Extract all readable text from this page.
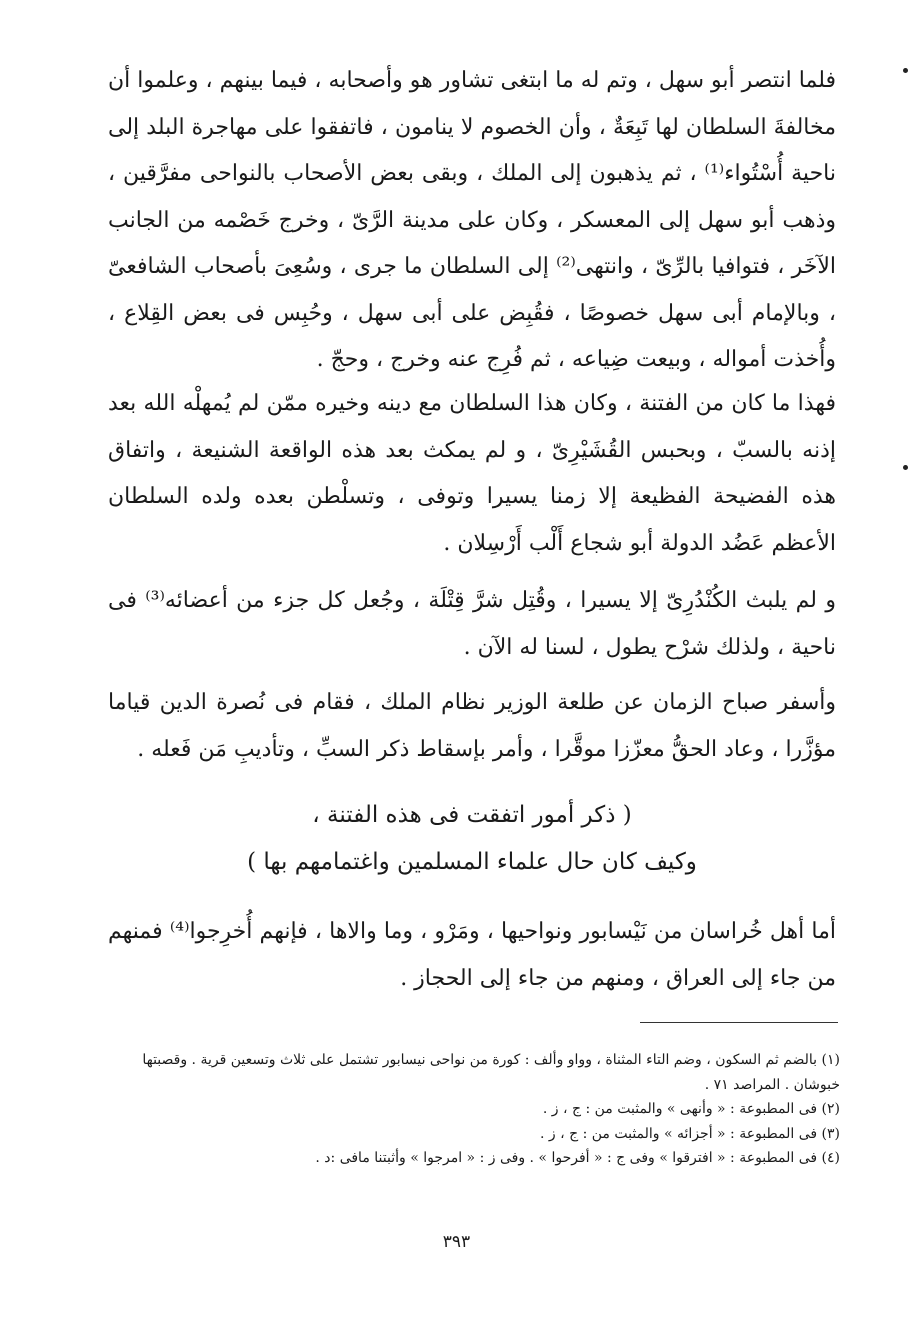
فلما انتصر أبو سهل ، وتم له ما ابتغى تشاور هو وأصحابه ، فيما بينهم ، وعلموا أن مخالفةَ السلطان لها تَبِعَةٌ ، وأن الخصوم لا ينامون ، فاتفقوا على مهاجرة البلد إلى ناحية أُسْتُواء⁽¹⁾ ، ثم يذهبون إلى الملك ، وبقى بعض الأصحاب بالنواحى مفرَّقين ، وذهب أبو سهل إلى المعسكر ، وكان على مدينة الرَّىّ ، وخرج خَصْمه من الجانب الآخَر ، فتوافيا بالرِّىّ ، وانتهى⁽²⁾ إلى السلطان ما جرى ، وسُعِىَ بأصحاب الشافعىّ ، وبالإمام أبى سهل خصوصًا ، فقُبِض على أبى سهل ، وحُبِس فى بعض القِلاع ، وأُخذت أمواله ، وبيعت ضِياعه ، ثم فُرِج عنه وخرج ، وحجّ .

فهذا ما كان من الفتنة ، وكان هذا السلطان مع دينه وخيره ممّن لم يُمهلْه الله بعد إذنه بالسبّ ، وبحبس القُشَيْرِىّ ، و لم يمكث بعد هذه الواقعة الشنيعة ، واتفاق هذه الفضيحة الفظيعة إلا زمنا يسيرا وتوفى ، وتسلْطن بعده ولده السلطان الأعظم عَضُد الدولة أبو شجاع أَلْب أَرْسِلان .

و لم يلبث الكُنْدُرِىّ إلا يسيرا ، وقُتِل شرَّ قِتْلَة ، وجُعل كل جزء من أعضائه⁽³⁾ فى ناحية ، ولذلك شرْح يطول ، لسنا له الآن .

وأسفر صباح الزمان عن طلعة الوزير نظام الملك ، فقام فى نُصرة الدين قياما مؤزَّرا ، وعاد الحقُّ معزّزا موقَّرا ، وأمر بإسقاط ذكر السبِّ ، وتأديبِ مَن فَعله .

( ذكر أمور اتفقت فى هذه الفتنة ،

وكيف كان حال علماء المسلمين واغتمامهم بها )

أما أهل خُراسان من نَيْسابور ونواحيها ، ومَرْو ، وما والاها ، فإنهم أُخرِجوا⁽⁴⁾ فمنهم من جاء إلى العراق ، ومنهم من جاء إلى الحجاز .

(١) بالضم ثم السكون ، وضم التاء المثناة ، وواو وألف : كورة من نواحى نيسابور تشتمل على ثلاث وتسعين قرية . وقصبتها خبوشان . المراصد ٧١ .
(٢) فى المطبوعة : « وأنهى » والمثبت من : ج ، ز .
(٣) فى المطبوعة : « أجزائه » والمثبت من : ج ، ز .
(٤) فى المطبوعة : « افترقوا » وفى ج : « أفرحوا » . وفى ز : « امرجوا » وأثبتنا مافى :د .
٣٩٣
